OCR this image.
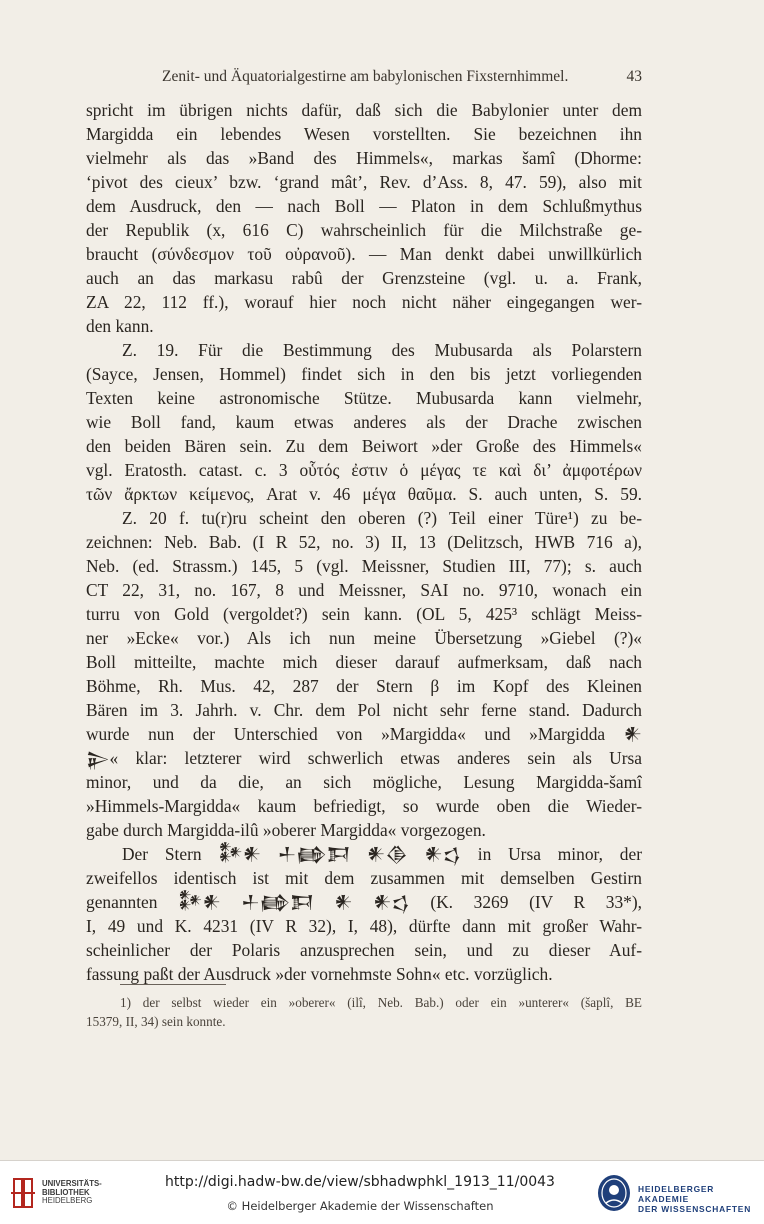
Zenit- und Äquatorialgestirne am babylonischen Fixsternhimmel.	43
spricht im übrigen nichts dafür, daß sich die Babylonier unter dem
Margidda ein lebendes Wesen vorstellten. Sie bezeichnen ihn
vielmehr als das »Band des Himmels«, markas šamî (Dhorme:
‘pivot des cieux’ bzw. ‘grand mât’, Rev. d’Ass. 8, 47. 59), also mit
dem Ausdruck, den — nach Boll — Platon in dem Schlußmythus
der Republik (x, 616 C) wahrscheinlich für die Milchstraße ge-
braucht (σύνδεσμον τοῦ οὐρανοῦ). — Man denkt dabei unwillkürlich
auch an das markasu rabû der Grenzsteine (vgl. u. a. Frank,
ZA 22, 112 ff.), worauf hier noch nicht näher eingegangen wer-
den kann.
Z. 19. Für die Bestimmung des Mubusarda als Polarstern
(Sayce, Jensen, Hommel) findet sich in den bis jetzt vorliegenden
Texten keine astronomische Stütze. Mubusarda kann vielmehr,
wie Boll fand, kaum etwas anderes als der Drache zwischen
den beiden Bären sein. Zu dem Beiwort »der Große des Himmels«
vgl. Eratosth. catast. c. 3 οὗτός ἐστιν ὁ μέγας τε καὶ δι’ ἀμφοτέρων
τῶν ἄρκτων κείμενος, Arat v. 46 μέγα θαῦμα. S. auch unten, S. 59.
Z. 20 f. tu(r)ru scheint den oberen (?) Teil einer Türe¹) zu be-
zeichnen: Neb. Bab. (I R 52, no. 3) II, 13 (Delitzsch, HWB 716 a),
Neb. (ed. Strassm.) 145, 5 (vgl. Meissner, Studien III, 77); s. auch
CT 22, 31, no. 167, 8 und Meissner, SAI no. 9710, wonach ein
turru von Gold (vergoldet?) sein kann. (OL 5, 425³ schlägt Meiss-
ner »Ecke« vor.) Als ich nun meine Übersetzung »Giebel (?)«
Boll mitteilte, machte mich dieser darauf aufmerksam, daß nach
Böhme, Rh. Mus. 42, 287 der Stern β im Kopf des Kleinen
Bären im 3. Jahrh. v. Chr. dem Pol nicht sehr ferne stand. Dadurch
wurde nun der Unterschied von »Margidda« und »Margidda 𒀭
𒉌« klar: letzterer wird schwerlich etwas anderes sein als Ursa
minor, und da die, an sich mögliche, Lesung Margidda-šamî
»Himmels-Margidda« kaum befriedigt, so wurde oben die Wieder-
gabe durch Margidda-ilû »oberer Margidda« vorgezogen.
Der Stern 𒀯𒀭 𒈦𒂵𒁕 𒀭𒆠 𒀭𒌓 in Ursa minor, der
zweifellos identisch ist mit dem zusammen mit demselben Gestirn
genannten 𒀯𒀭 𒈦𒂵𒁕 𒀭 𒀭𒌓 (K. 3269 (IV R 33*),
I, 49 und K. 4231 (IV R 32), I, 48), dürfte dann mit großer Wahr-
scheinlicher der Polaris anzusprechen sein, und zu dieser Auf-
fassung paßt der Ausdruck »der vornehmste Sohn« etc. vorzüglich.
1) der selbst wieder ein »oberer« (ilî, Neb. Bab.) oder ein »unterer« (šaplî, BE
15379, II, 34) sein konnte.
UNIVERSITÄTS-
BIBLIOTHEK
HEIDELBERG
http://digi.hadw-bw.de/view/sbhadwphkl_1913_11/0043
© Heidelberger Akademie der Wissenschaften
HEIDELBERGER AKADEMIE
DER WISSENSCHAFTEN
